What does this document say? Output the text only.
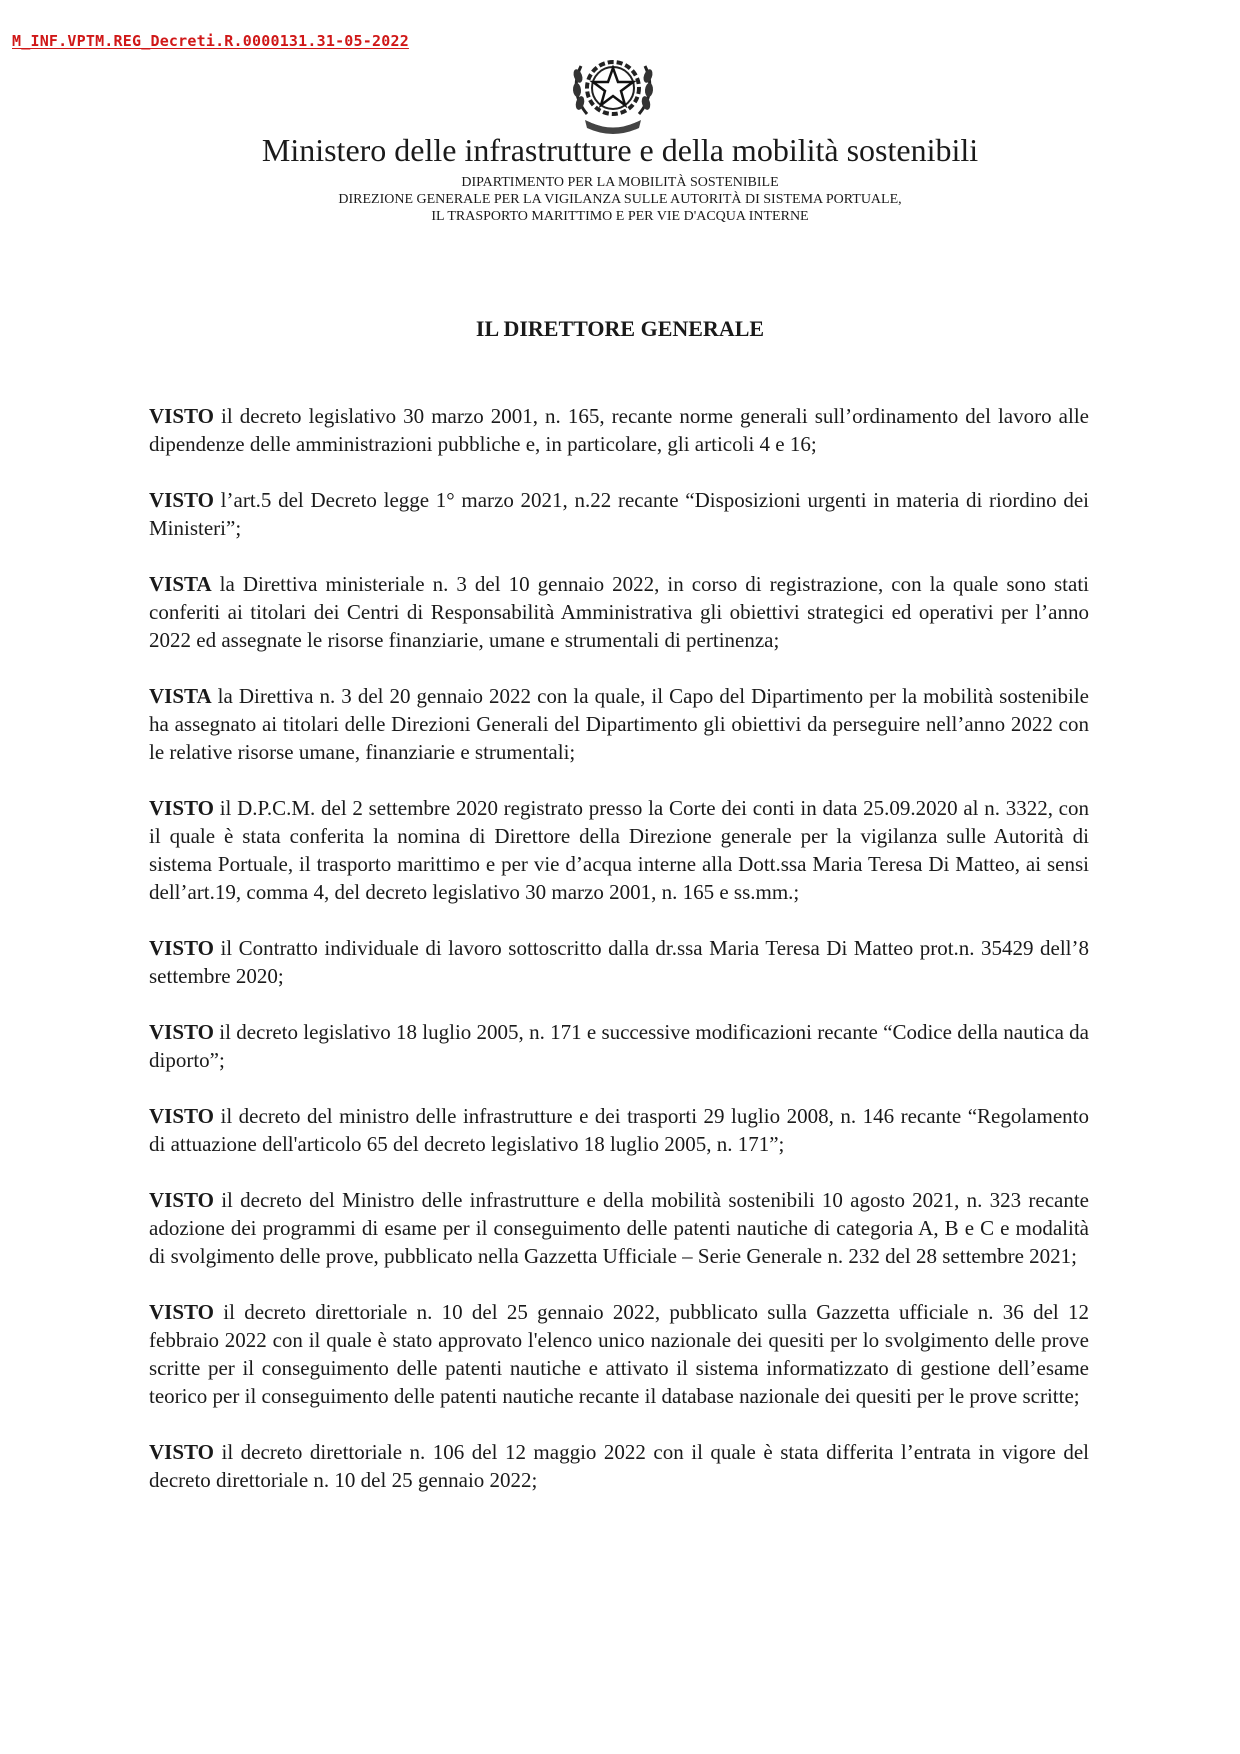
M_INF.VPTM.REG_Decreti.R.0000131.31-05-2022
Ministero delle infrastrutture e della mobilità sostenibili
DIPARTIMENTO PER LA MOBILITÀ SOSTENIBILE
DIREZIONE GENERALE PER LA VIGILANZA SULLE AUTORITÀ DI SISTEMA PORTUALE,
IL TRASPORTO MARITTIMO E PER VIE D'ACQUA INTERNE
IL DIRETTORE GENERALE

VISTO il decreto legislativo 30 marzo 2001, n. 165, recante norme generali sull’ordinamento del lavoro alle dipendenze delle amministrazioni pubbliche e, in particolare, gli articoli 4 e 16;

VISTO l’art.5 del Decreto legge 1° marzo 2021, n.22 recante “Disposizioni urgenti in materia di riordino dei Ministeri”;

VISTA la Direttiva ministeriale n. 3 del 10 gennaio 2022, in corso di registrazione, con la quale sono stati conferiti ai titolari dei Centri di Responsabilità Amministrativa gli obiettivi strategici ed operativi per l’anno 2022 ed assegnate le risorse finanziarie, umane e strumentali di pertinenza;

VISTA la Direttiva n. 3 del 20 gennaio 2022 con la quale, il Capo del Dipartimento per la mobilità sostenibile ha assegnato ai titolari delle Direzioni Generali del Dipartimento gli obiettivi da perseguire nell’anno 2022 con le relative risorse umane, finanziarie e strumentali;

VISTO il D.P.C.M. del 2 settembre 2020 registrato presso la Corte dei conti in data 25.09.2020 al n. 3322, con il quale è stata conferita la nomina di Direttore della Direzione generale per la vigilanza sulle Autorità di sistema Portuale, il trasporto marittimo e per vie d’acqua interne alla Dott.ssa Maria Teresa Di Matteo, ai sensi dell’art.19, comma 4, del decreto legislativo 30 marzo 2001, n. 165 e ss.mm.;

VISTO il Contratto individuale di lavoro sottoscritto dalla dr.ssa Maria Teresa Di Matteo prot.n. 35429 dell’8 settembre 2020;

VISTO il decreto legislativo 18 luglio 2005, n. 171 e successive modificazioni recante “Codice della nautica da diporto”;

VISTO il decreto del ministro delle infrastrutture e dei trasporti 29 luglio 2008, n. 146 recante “Regolamento di attuazione dell'articolo 65 del decreto legislativo 18 luglio 2005, n. 171”;

VISTO il decreto del Ministro delle infrastrutture e della mobilità sostenibili 10 agosto 2021, n. 323 recante adozione dei programmi di esame per il conseguimento delle patenti nautiche di categoria A, B e C e modalità di svolgimento delle prove, pubblicato nella Gazzetta Ufficiale – Serie Generale n. 232 del 28 settembre 2021;

VISTO il decreto direttoriale n. 10 del 25 gennaio 2022, pubblicato sulla Gazzetta ufficiale n. 36 del 12 febbraio 2022 con il quale è stato approvato l'elenco unico nazionale dei quesiti per lo svolgimento delle prove scritte per il conseguimento delle patenti nautiche e attivato il sistema informatizzato di gestione dell’esame teorico per il conseguimento delle patenti nautiche recante il database nazionale dei quesiti per le prove scritte;

VISTO il decreto direttoriale n. 106 del 12 maggio 2022 con il quale è stata differita l’entrata in vigore del decreto direttoriale n. 10 del 25 gennaio 2022;
